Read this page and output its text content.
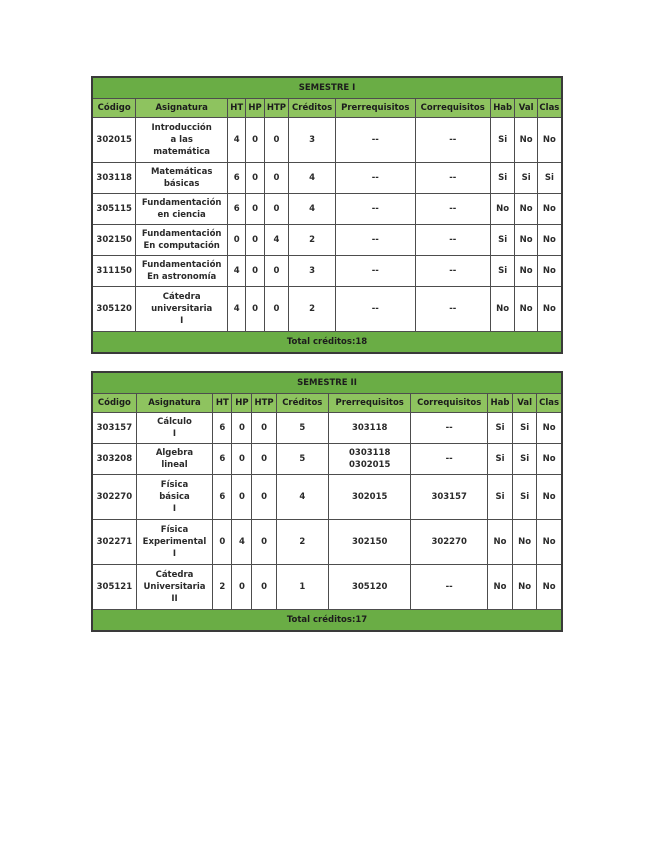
SEMESTRE I										
Código	Asignatura	HT	HP	HTP	Créditos	Prerrequisitos	Correquisitos	Hab	Val	Clas
302015	Introducción
a las
matemática	4	0	0	3	--	--	Si	No	No
303118	Matemáticas
básicas	6	0	0	4	--	--	Si	Si	Si
305115	Fundamentación
en ciencia	6	0	0	4	--	--	No	No	No
302150	Fundamentación
En computación	0	0	4	2	--	--	Si	No	No
311150	Fundamentación
En astronomía	4	0	0	3	--	--	Si	No	No
305120	Cátedra
universitaria
I	4	0	0	2	--	--	No	No	No
Total créditos:18										
SEMESTRE II										
Código	Asignatura	HT	HP	HTP	Créditos	Prerrequisitos	Correquisitos	Hab	Val	Clas
303157	Cálculo
I	6	0	0	5	303118	--	Si	Si	No
303208	Algebra
lineal	6	0	0	5	0303118
0302015	--	Si	Si	No
302270	Física
básica
I	6	0	0	4	302015	303157	Si	Si	No
302271	Física
Experimental
I	0	4	0	2	302150	302270	No	No	No
305121	Cátedra
Universitaria
II	2	0	0	1	305120	--	No	No	No
Total créditos:17										
